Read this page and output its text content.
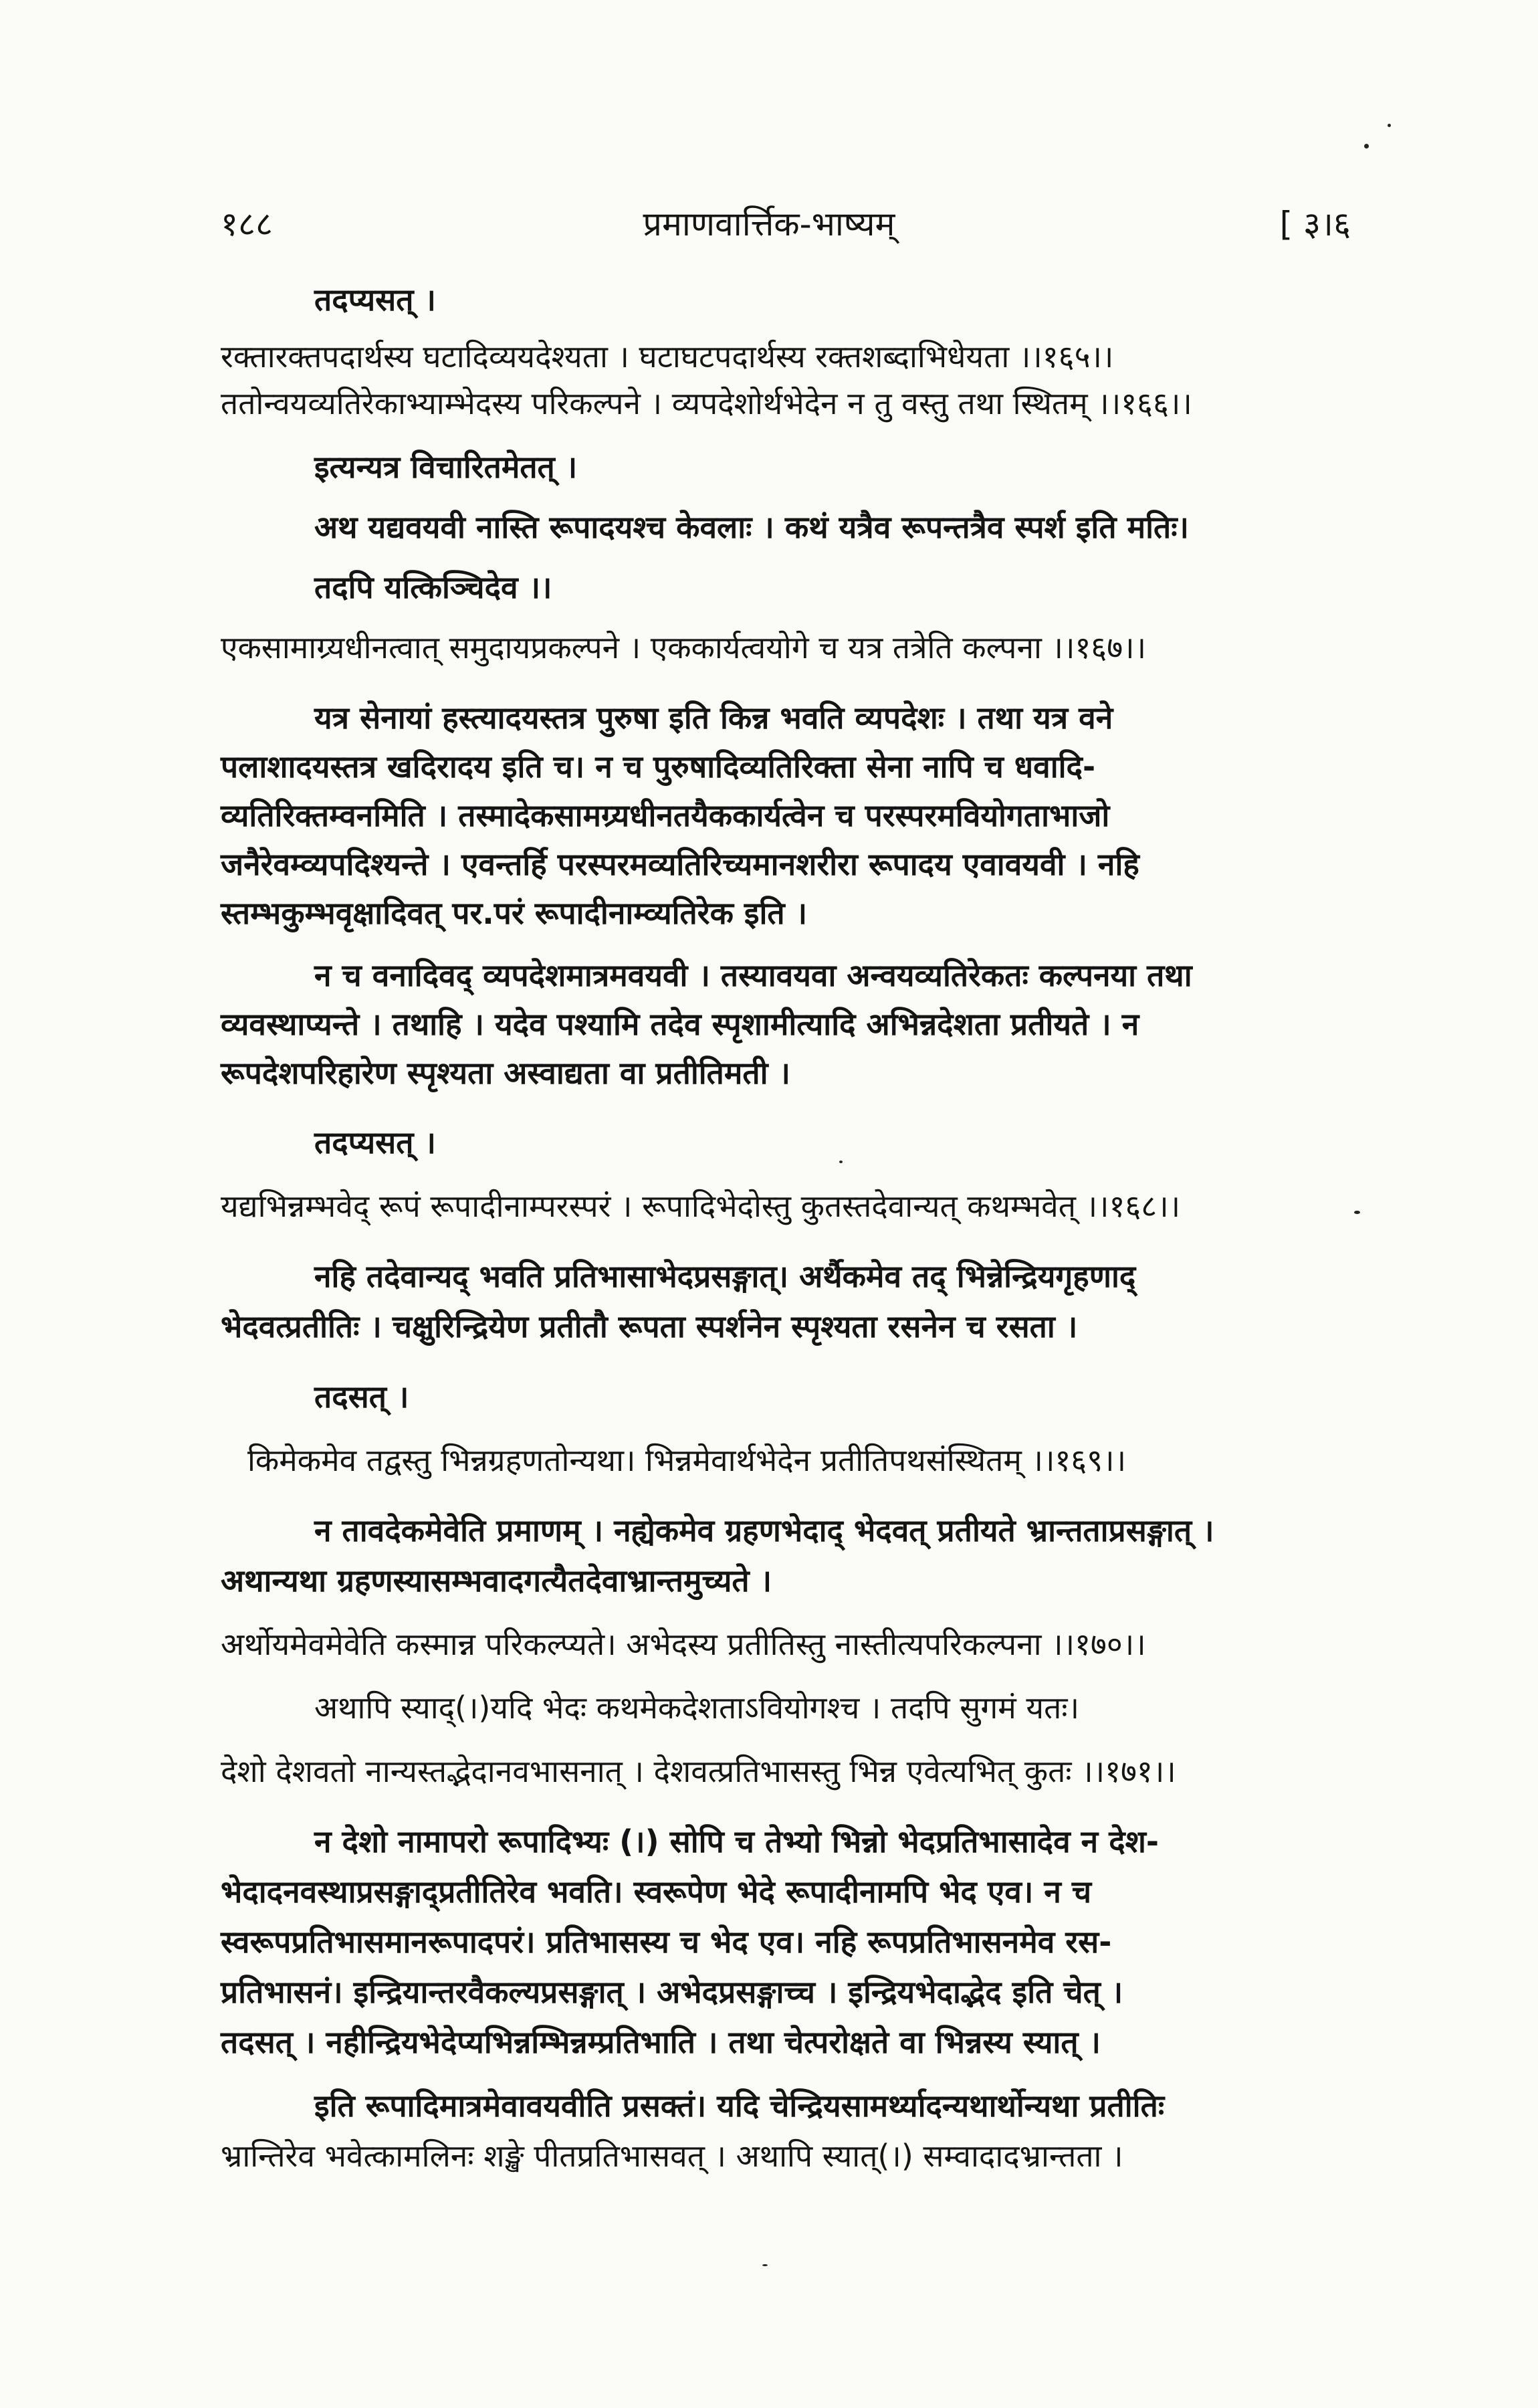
१८८	प्रमाणवार्त्तिक-भाष्यम्	[ ३।६
तदप्यसत् ।
रक्तारक्तपदार्थस्य घटादिव्ययदेश्यता । घटाघटपदार्थस्य रक्तशब्दाभिधेयता ।।१६५।।
ततोन्वयव्यतिरेकाभ्याम्भेदस्य परिकल्पने । व्यपदेशोर्थभेदेन न तु वस्तु तथा स्थितम् ।।१६६।।
इत्यन्यत्र विचारितमेतत् ।
अथ यद्यवयवी नास्ति रूपादयश्च केवलाः । कथं यत्रैव रूपन्तत्रैव स्पर्श इति मतिः।
तदपि यत्किञ्चिदेव ।।
एकसामाग्र्यधीनत्वात् समुदायप्रकल्पने । एककार्यत्वयोगे च यत्र तत्रेति कल्पना ।।१६७।।
यत्र सेनायां हस्त्यादयस्तत्र पुरुषा इति किन्न भवति व्यपदेशः । तथा यत्र वने
पलाशादयस्तत्र खदिरादय इति च। न च पुरुषादिव्यतिरिक्ता सेना नापि च धवादि-
व्यतिरिक्तम्वनमिति । तस्मादेकसामग्र्यधीनतयैककार्यत्वेन च परस्परमवियोगताभाजो
जनैरेवम्व्यपदिश्यन्ते । एवन्तर्हि परस्परमव्यतिरिच्यमानशरीरा रूपादय एवावयवी । नहि
स्तम्भकुम्भवृक्षादिवत् पर.परं रूपादीनाम्व्यतिरेक इति ।
न च वनादिवद् व्यपदेशमात्रमवयवी । तस्यावयवा अन्वयव्यतिरेकतः कल्पनया तथा
व्यवस्थाप्यन्ते । तथाहि । यदेव पश्यामि तदेव स्पृशामीत्यादि अभिन्नदेशता प्रतीयते । न
रूपदेशपरिहारेण स्पृश्यता अस्वाद्यता वा प्रतीतिमती ।
तदप्यसत् ।
यद्यभिन्नम्भवेद् रूपं रूपादीनाम्परस्परं । रूपादिभेदोस्तु कुतस्तदेवान्यत् कथम्भवेत् ।।१६८।।
नहि तदेवान्यद् भवति प्रतिभासाभेदप्रसङ्गात्। अर्थैकमेव तद् भिन्नेन्द्रियगृहणाद्
भेदवत्प्रतीतिः । चक्षुरिन्द्रियेण प्रतीतौ रूपता स्पर्शनेन स्पृश्यता रसनेन च रसता ।
तदसत् ।
किमेकमेव तद्वस्तु भिन्नग्रहणतोन्यथा। भिन्नमेवार्थभेदेन प्रतीतिपथसंस्थितम् ।।१६९।।
न तावदेकमेवेति प्रमाणम् । नह्येकमेव ग्रहणभेदाद् भेदवत् प्रतीयते भ्रान्तताप्रसङ्गात् ।
अथान्यथा ग्रहणस्यासम्भवादगत्यैतदेवाभ्रान्तमुच्यते ।
अर्थोयमेवमेवेति कस्मान्न परिकल्प्यते। अभेदस्य प्रतीतिस्तु नास्तीत्यपरिकल्पना ।।१७०।।
अथापि स्याद्(।)यदि भेदः कथमेकदेशताऽवियोगश्च । तदपि सुगमं यतः।
देशो देशवतो नान्यस्तद्भेदानवभासनात् । देशवत्प्रतिभासस्तु भिन्न एवेत्यभित् कुतः ।।१७१।।
न देशो नामापरो रूपादिभ्यः (।) सोपि च तेभ्यो भिन्नो भेदप्रतिभासादेव न देश-
भेदादनवस्थाप्रसङ्गाद्प्रतीतिरेव भवति। स्वरूपेण भेदे रूपादीनामपि भेद एव। न च
स्वरूपप्रतिभासमानरूपादपरं। प्रतिभासस्य च भेद एव। नहि रूपप्रतिभासनमेव रस-
प्रतिभासनं। इन्द्रियान्तरवैकल्यप्रसङ्गात् । अभेदप्रसङ्गाच्च । इन्द्रियभेदाद्भेद इति चेत् ।
तदसत् । नहीन्द्रियभेदेप्यभिन्नम्भिन्नम्प्रतिभाति । तथा चेत्परोक्षते वा भिन्नस्य स्यात् ।
इति रूपादिमात्रमेवावयवीति प्रसक्तं। यदि चेन्द्रियसामर्थ्यादन्यथार्थोन्यथा प्रतीतिः
भ्रान्तिरेव भवेत्कामलिनः शङ्खे पीतप्रतिभासवत् । अथापि स्यात्(।) सम्वादादभ्रान्तता ।
